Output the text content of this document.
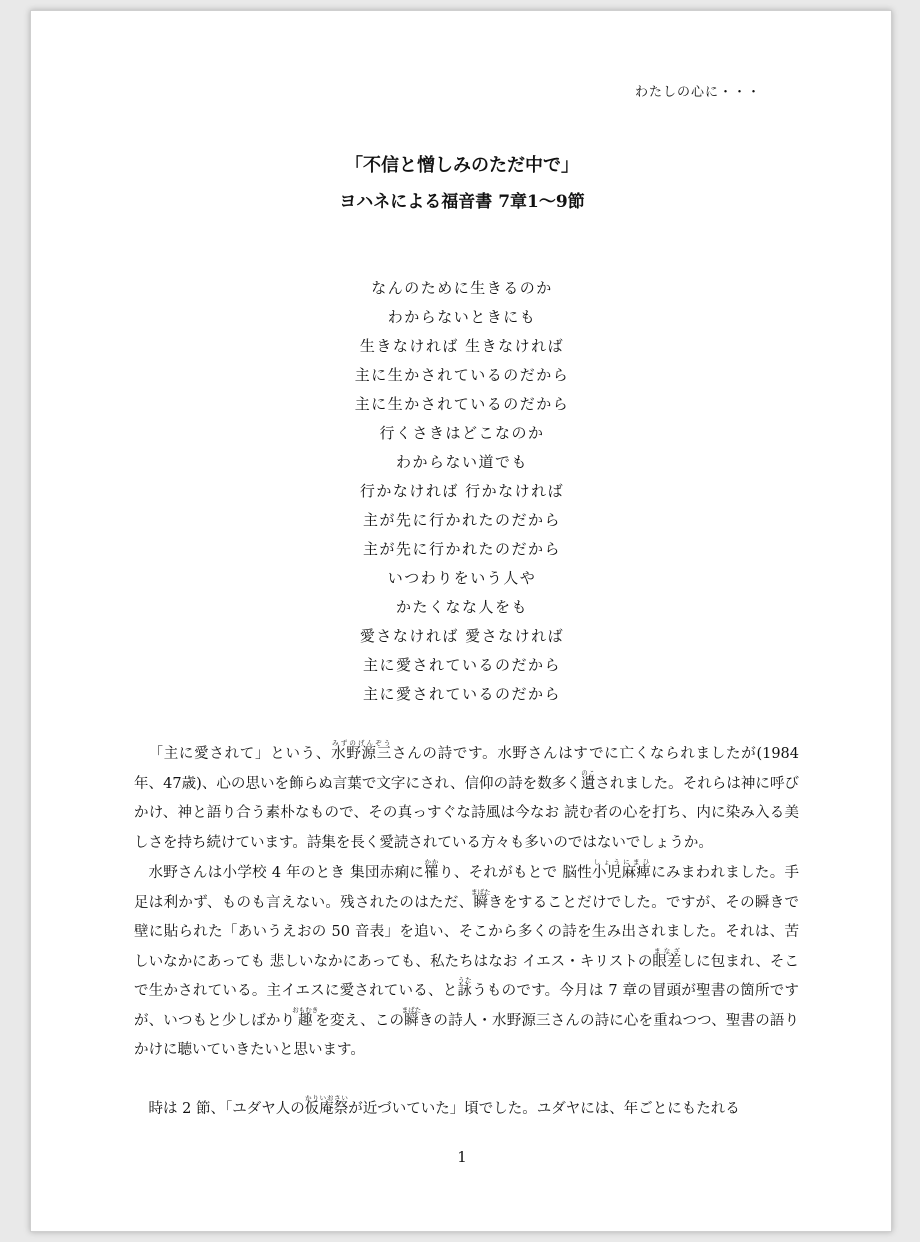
わたしの心に・・・
「不信と憎しみのただ中で」
ヨハネによる福音書 7章1〜9節
なんのために生きるのか
わからないときにも
生きなければ 生きなければ
主に生かされているのだから
主に生かされているのだから
行くさきはどこなのか
わからない道でも
行かなければ 行かなければ
主が先に行かれたのだから
主が先に行かれたのだから
いつわりをいう人や
かたくなな人をも
愛さなければ 愛さなければ
主に愛されているのだから
主に愛されているのだから

「主に愛されて」という、水野源三みずのげんぞうさんの詩です。水野さんはすでに亡くなられましたが(1984年、47歳)、心の思いを飾らぬ言葉で文字にされ、信仰の詩を数多く遺のこされました。それらは神に呼びかけ、神と語り合う素朴なもので、その真っすぐな詩風は今なお 読む者の心を打ち、内に染み入る美しさを持ち続けています。詩集を長く愛読されている方々も多いのではないでしょうか。

水野さんは小学校 4 年のとき 集団赤痢に罹かかり、それがもとで 脳性小児麻痺しょうにまひにみまわれました。手足は利かず、ものも言えない。残されたのはただ、瞬まばたきをすることだけでした。ですが、その瞬きで 壁に貼られた「あいうえおの 50 音表」を追い、そこから多くの詩を生み出されました。それは、苦しいなかにあっても 悲しいなかにあっても、私たちはなお イエス・キリストの眼差まなざしに包まれ、そこで生かされている。主イエスに愛されている、と詠うたうものです。今月は 7 章の冒頭が聖書の箇所ですが、いつもと少しばかり趣おもむきを変え、この瞬まばたきの詩人・水野源三さんの詩に心を重ねつつ、聖書の語りかけに聴いていきたいと思います。

時は 2 節、「ユダヤ人の仮庵祭かりいおさいが近づいていた」頃でした。ユダヤには、年ごとにもたれる

1
